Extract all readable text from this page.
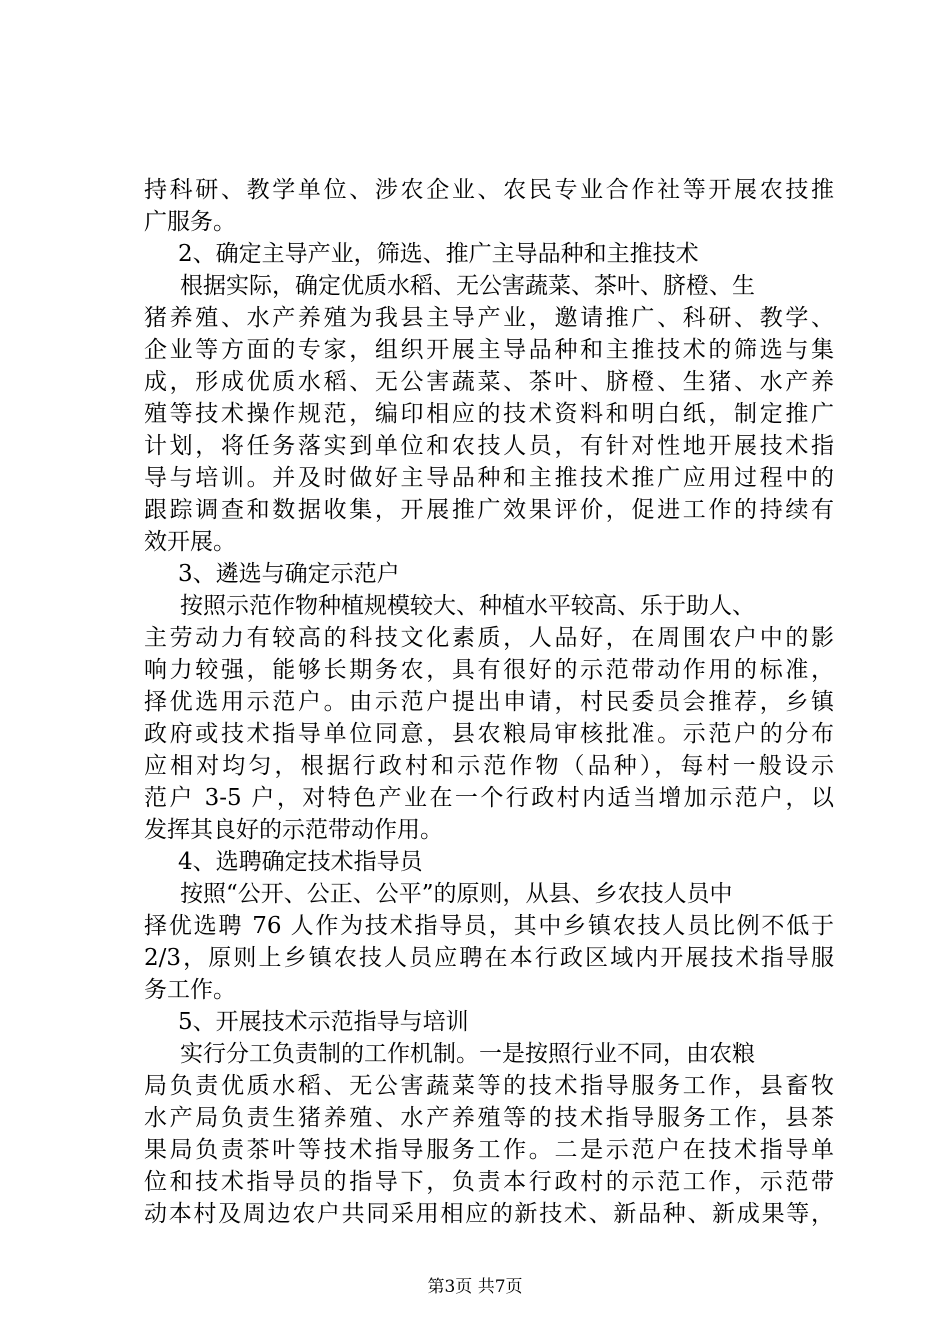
持科研、教学单位、涉农企业、农民专业合作社等开展农技推
广服务。
2、确定主导产业，筛选、推广主导品种和主推技术
根据实际，确定优质水稻、无公害蔬菜、茶叶、脐橙、生
猪养殖、水产养殖为我县主导产业，邀请推广、科研、教学、
企业等方面的专家，组织开展主导品种和主推技术的筛选与集
成，形成优质水稻、无公害蔬菜、茶叶、脐橙、生猪、水产养
殖等技术操作规范，编印相应的技术资料和明白纸，制定推广
计划，将任务落实到单位和农技人员，有针对性地开展技术指
导与培训。并及时做好主导品种和主推技术推广应用过程中的
跟踪调查和数据收集，开展推广效果评价，促进工作的持续有
效开展。
3、遴选与确定示范户
按照示范作物种植规模较大、种植水平较高、乐于助人、
主劳动力有较高的科技文化素质，人品好，在周围农户中的影
响力较强，能够长期务农，具有很好的示范带动作用的标准，
择优选用示范户。由示范户提出申请，村民委员会推荐，乡镇
政府或技术指导单位同意，县农粮局审核批准。示范户的分布
应相对均匀，根据行政村和示范作物（品种），每村一般设示
范户 3-5 户，对特色产业在一个行政村内适当增加示范户，以
发挥其良好的示范带动作用。
4、选聘确定技术指导员
按照“公开、公正、公平”的原则，从县、乡农技人员中
择优选聘 76 人作为技术指导员，其中乡镇农技人员比例不低于
2/3，原则上乡镇农技人员应聘在本行政区域内开展技术指导服
务工作。
5、开展技术示范指导与培训
实行分工负责制的工作机制。一是按照行业不同，由农粮
局负责优质水稻、无公害蔬菜等的技术指导服务工作，县畜牧
水产局负责生猪养殖、水产养殖等的技术指导服务工作，县茶
果局负责茶叶等技术指导服务工作。二是示范户在技术指导单
位和技术指导员的指导下，负责本行政村的示范工作，示范带
动本村及周边农户共同采用相应的新技术、新品种、新成果等，
第3页 共7页
